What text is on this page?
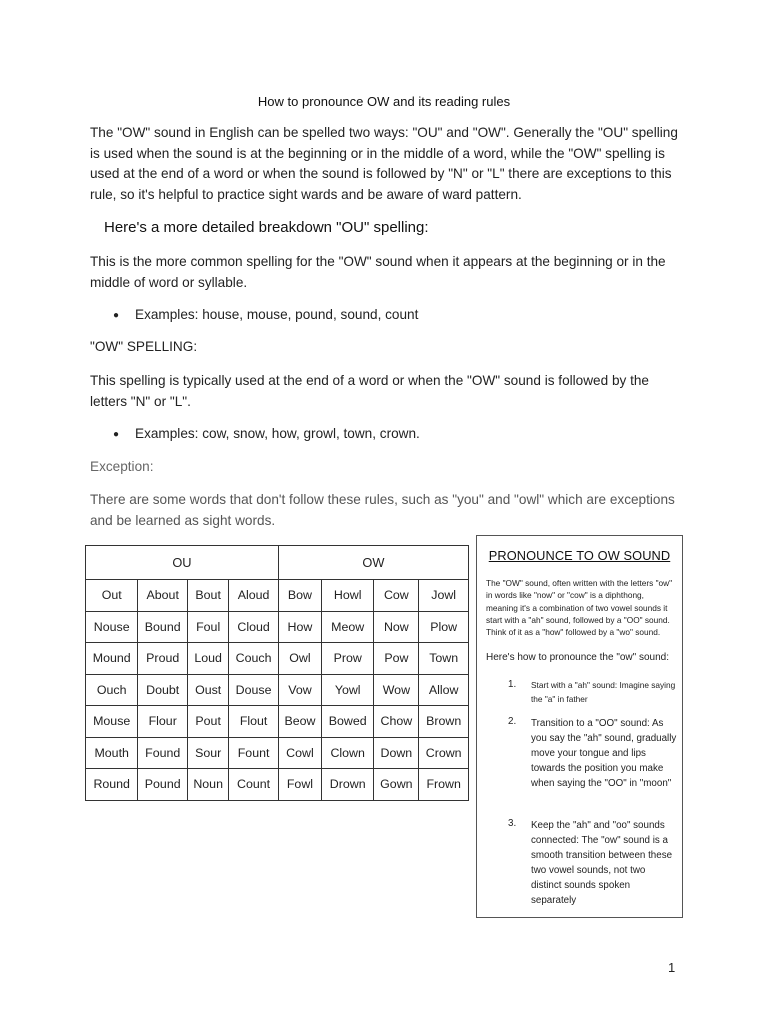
How to pronounce OW and its reading rules

The "OW" sound in English can be spelled two ways: "OU" and "OW". Generally the "OU" spelling is used when the sound is at the beginning or in the middle of a word, while the "OW" spelling is used at the end of a word or when the sound is followed by "N" or "L" there are exceptions to this rule, so it's helpful to practice sight wards and be aware of ward pattern.

Here's a more detailed breakdown "OU" spelling:

This is the more common spelling for the "OW" sound when it appears at the beginning or in the middle of word or syllable.

● Examples: house, mouse, pound, sound, count
"OW" SPELLING:

This spelling is typically used at the end of a word or when the "OW" sound is followed by the letters "N" or "L".

● Examples: cow, snow, how, growl, town, crown.
Exception:

There are some words that don't follow these rules, such as "you" and "owl" which are exceptions and be learned as sight words.

OU				OW			
Out	About	Bout	Aloud	Bow	Howl	Cow	Jowl
Nouse	Bound	Foul	Cloud	How	Meow	Now	Plow
Mound	Proud	Loud	Couch	Owl	Prow	Pow	Town
Ouch	Doubt	Oust	Douse	Vow	Yowl	Wow	Allow
Mouse	Flour	Pout	Flout	Beow	Bowed	Chow	Brown
Mouth	Found	Sour	Fount	Cowl	Clown	Down	Crown
Round	Pound	Noun	Count	Fowl	Drown	Gown	Frown
PRONOUNCE TO OW SOUND

The "OW" sound, often written with the letters "ow" in words like "now" or "cow" is a diphthong, meaning it's a combination of two vowel sounds it start with a "ah" sound, followed by a "OO" sound. Think of it as a "how" followed by a "wo" sound.

Here's how to pronounce the "ow" sound:
1. Start with a "ah" sound: Imagine saying the "a" in father
2. Transition to a "OO" sound: As you say the "ah" sound, gradually move your tongue and lips towards the position you make when saying the "OO" in "moon"
3. Keep the "ah" and "oo" sounds connected: The "ow" sound is a smooth transition between these two vowel sounds, not two distinct sounds spoken separately
1
